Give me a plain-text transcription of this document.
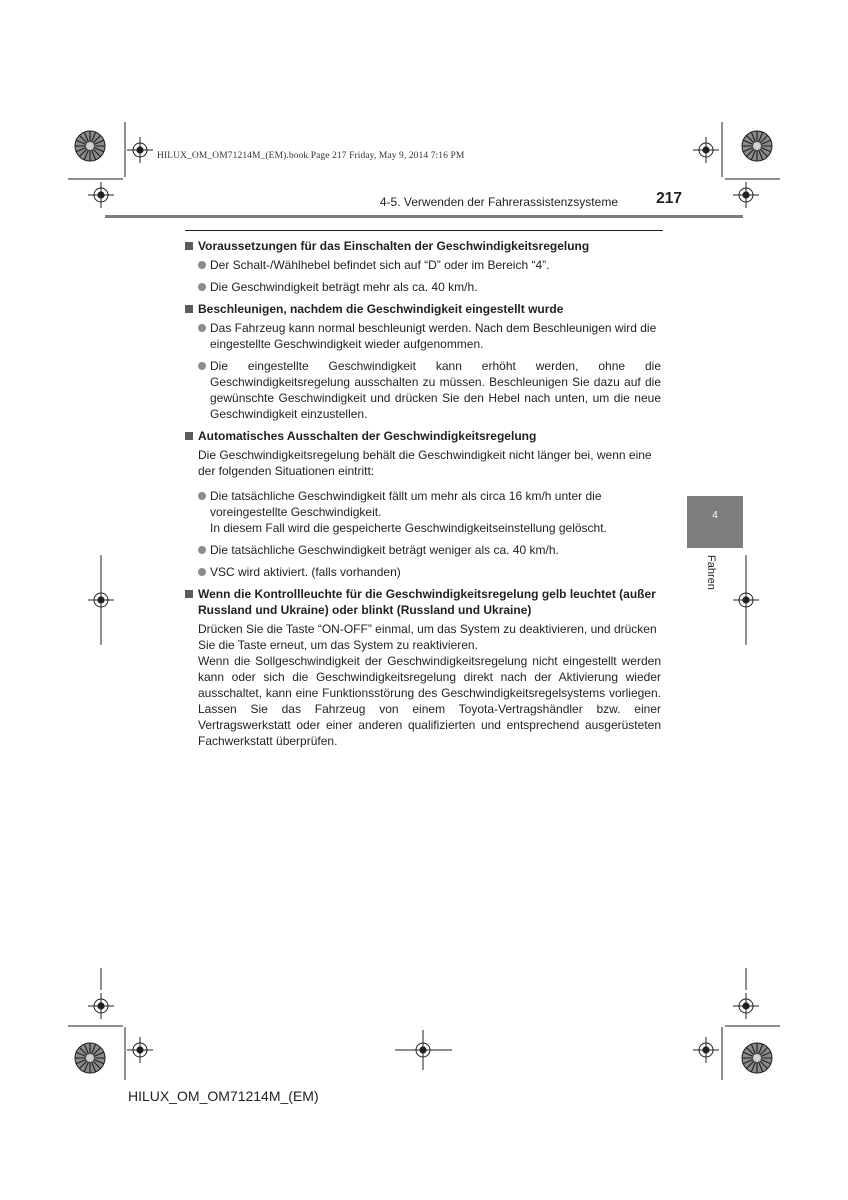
HILUX_OM_OM71214M_(EM).book Page 217 Friday, May 9, 2014 7:16 PM
4-5. Verwenden der Fahrerassistenzsysteme 217
Voraussetzungen für das Einschalten der Geschwindigkeitsregelung
Der Schalt-/Wählhebel befindet sich auf “D” oder im Bereich “4”.
Die Geschwindigkeit beträgt mehr als ca. 40 km/h.
Beschleunigen, nachdem die Geschwindigkeit eingestellt wurde
Das Fahrzeug kann normal beschleunigt werden. Nach dem Beschleunigen wird die eingestellte Geschwindigkeit wieder aufgenommen.
Die eingestellte Geschwindigkeit kann erhöht werden, ohne die Geschwindigkeitsregelung ausschalten zu müssen. Beschleunigen Sie dazu auf die gewünschte Geschwindigkeit und drücken Sie den Hebel nach unten, um die neue Geschwindigkeit einzustellen.
Automatisches Ausschalten der Geschwindigkeitsregelung
Die Geschwindigkeitsregelung behält die Geschwindigkeit nicht länger bei, wenn eine der folgenden Situationen eintritt:
Die tatsächliche Geschwindigkeit fällt um mehr als circa 16 km/h unter die voreingestellte Geschwindigkeit.
In diesem Fall wird die gespeicherte Geschwindigkeitseinstellung gelöscht.
Die tatsächliche Geschwindigkeit beträgt weniger als ca. 40 km/h.
VSC wird aktiviert. (falls vorhanden)
Wenn die Kontrollleuchte für die Geschwindigkeitsregelung gelb leuchtet (außer Russland und Ukraine) oder blinkt (Russland und Ukraine)
Drücken Sie die Taste “ON-OFF” einmal, um das System zu deaktivieren, und drücken Sie die Taste erneut, um das System zu reaktivieren.
Wenn die Sollgeschwindigkeit der Geschwindigkeitsregelung nicht eingestellt werden kann oder sich die Geschwindigkeitsregelung direkt nach der Aktivierung wieder ausschaltet, kann eine Funktionsstörung des Geschwindigkeitsregelsystems vorliegen. Lassen Sie das Fahrzeug von einem Toyota-Vertragshändler bzw. einer Vertragswerkstatt oder einer anderen qualifizierten und entsprechend ausgerüsteten Fachwerkstatt überprüfen.
4
Fahren
HILUX_OM_OM71214M_(EM)
